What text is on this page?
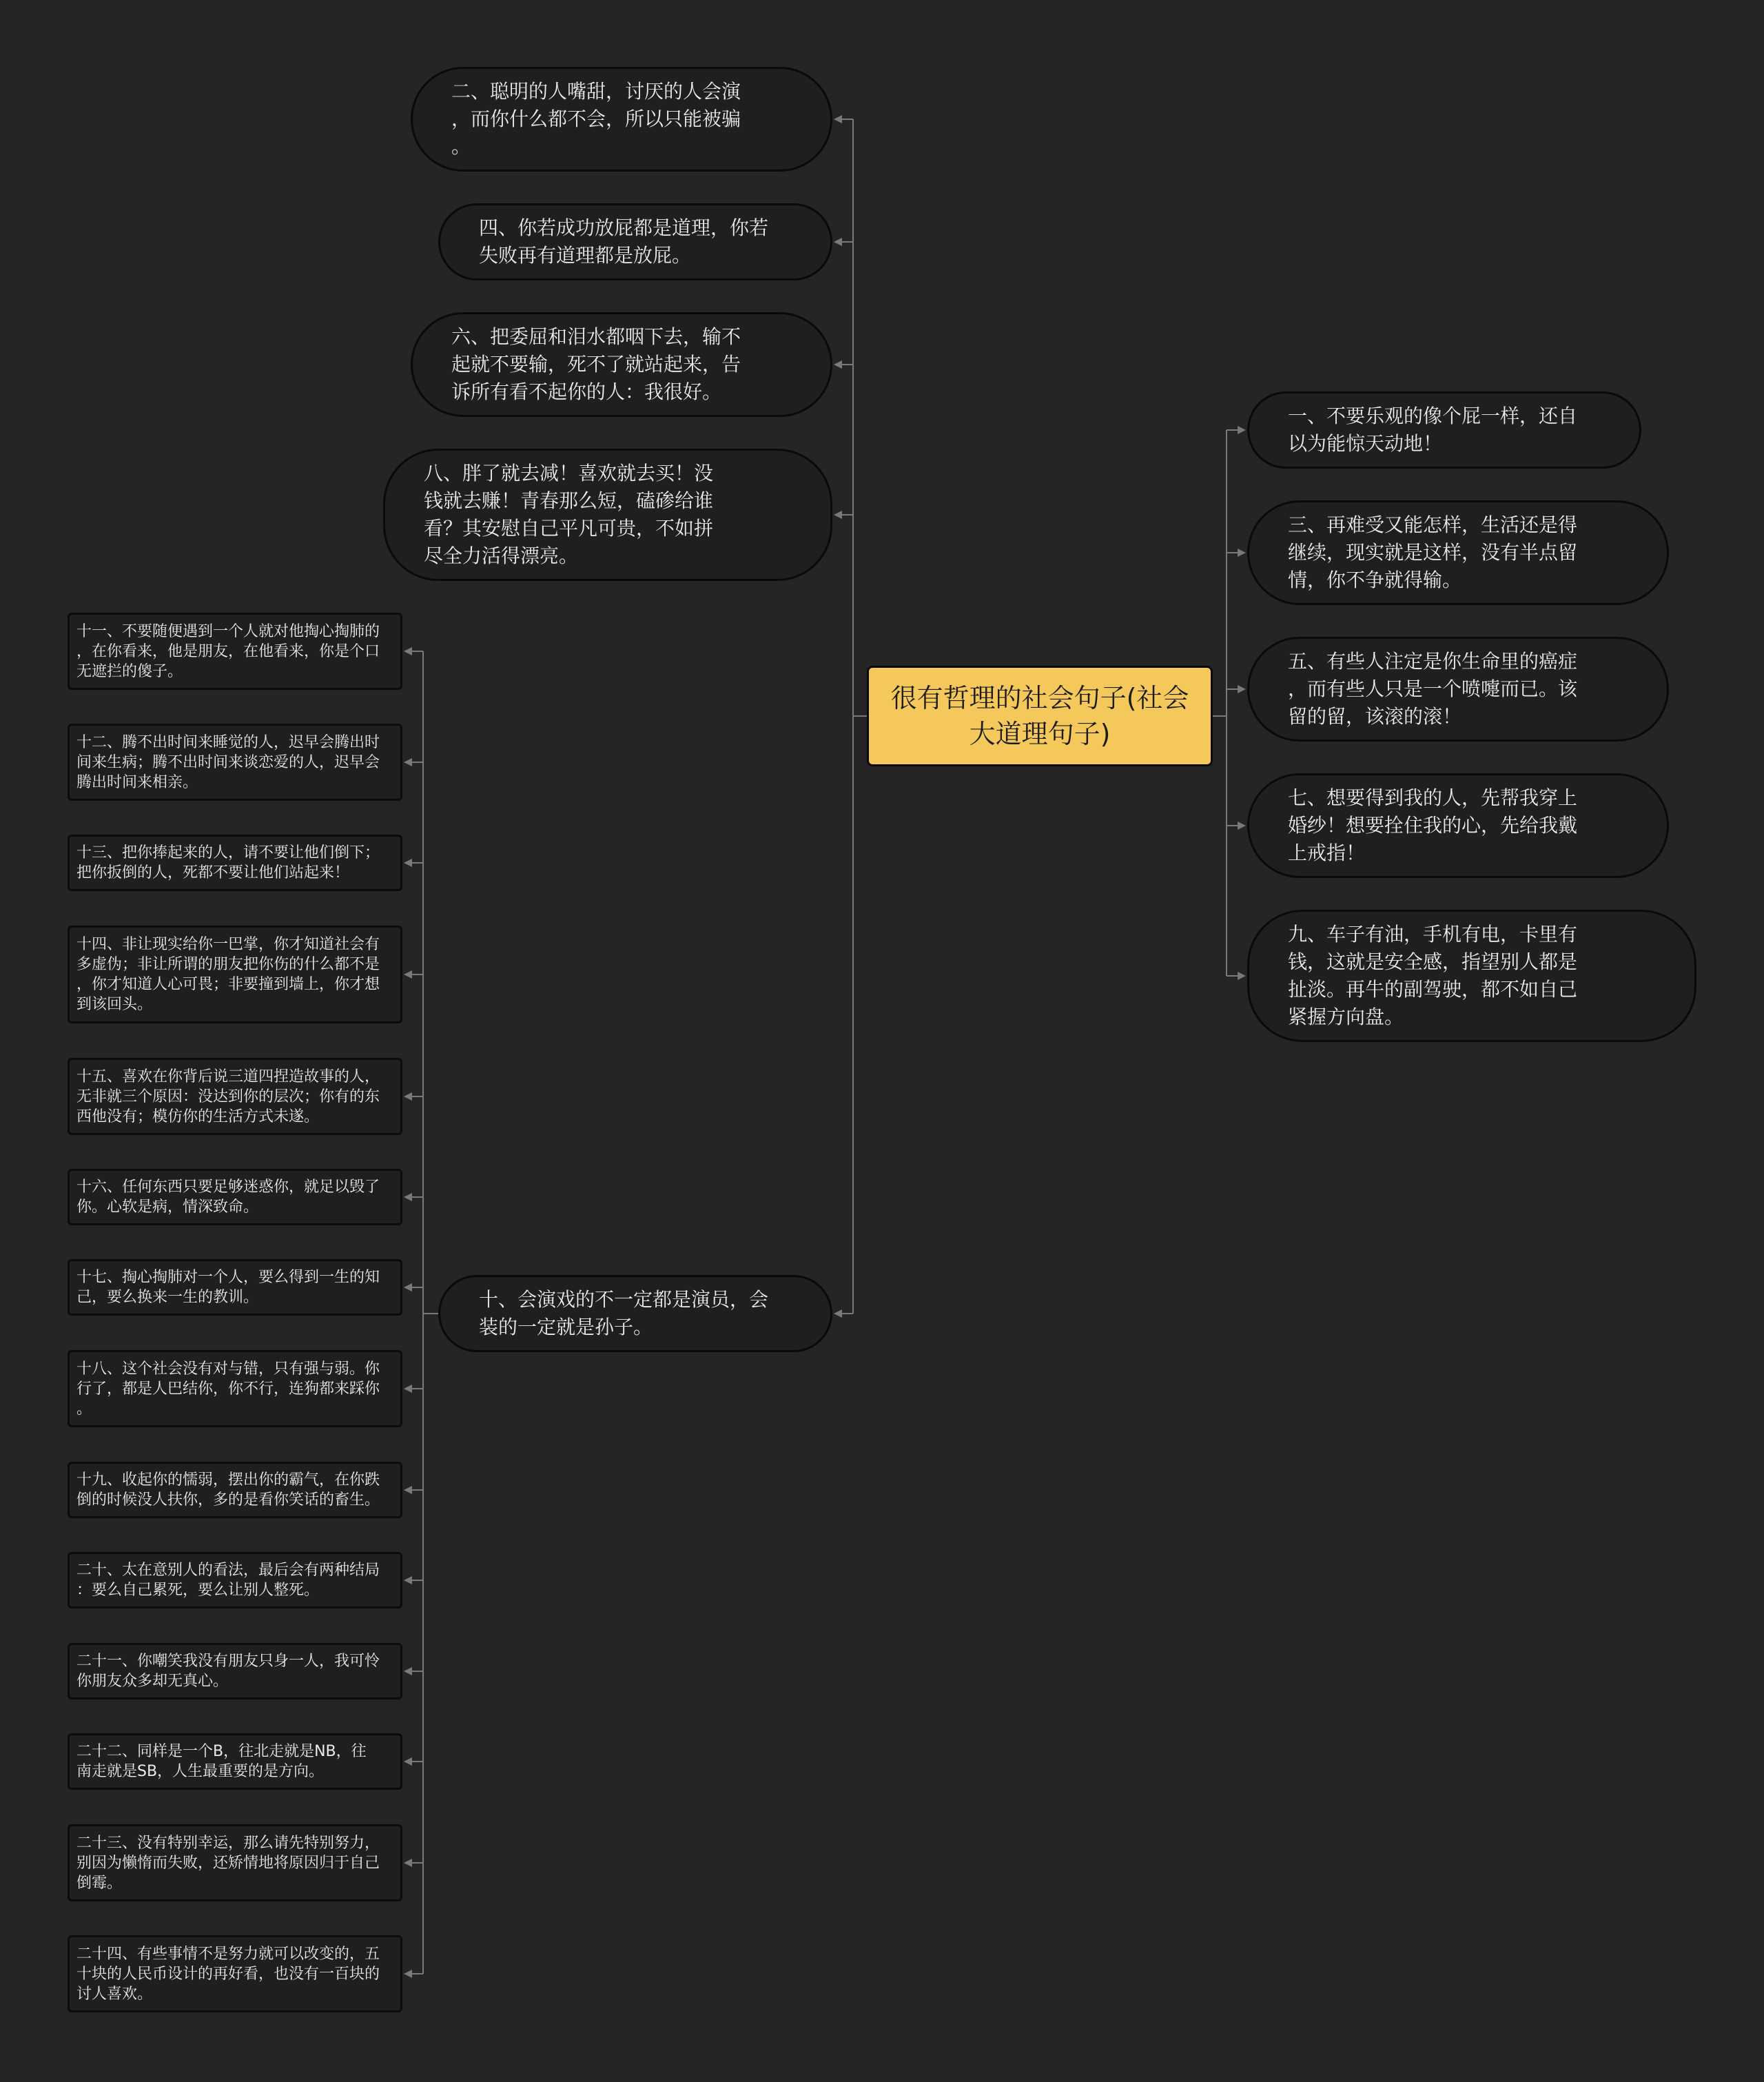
很有哲理的社会句子(社会 大道理句子)
二、聪明的人嘴甜，讨厌的人会演
，而你什么都不会，所以只能被骗
。
四、你若成功放屁都是道理，你若
失败再有道理都是放屁。
六、把委屈和泪水都咽下去，输不
起就不要输，死不了就站起来，告
诉所有看不起你的人：我很好。
八、胖了就去减！喜欢就去买！没
钱就去赚！青春那么短，磕碜给谁
看？其安慰自己平凡可贵，不如拼
尽全力活得漂亮。
十、会演戏的不一定都是演员，会
装的一定就是孙子。
一、不要乐观的像个屁一样，还自
以为能惊天动地！
三、再难受又能怎样，生活还是得
继续，现实就是这样，没有半点留
情，你不争就得输。
五、有些人注定是你生命里的癌症
，而有些人只是一个喷嚏而已。该
留的留，该滚的滚！
七、想要得到我的人，先帮我穿上
婚纱！想要拴住我的心，先给我戴
上戒指！
九、车子有油，手机有电，卡里有
钱，这就是安全感，指望别人都是
扯淡。再牛的副驾驶，都不如自己
紧握方向盘。
十一、不要随便遇到一个人就对他掏心掏肺的
，在你看来，他是朋友，在他看来，你是个口
无遮拦的傻子。
十二、腾不出时间来睡觉的人，迟早会腾出时
间来生病；腾不出时间来谈恋爱的人，迟早会
腾出时间来相亲。
十三、把你捧起来的人，请不要让他们倒下；
把你扳倒的人，死都不要让他们站起来！
十四、非让现实给你一巴掌，你才知道社会有
多虚伪；非让所谓的朋友把你伤的什么都不是
，你才知道人心可畏；非要撞到墙上，你才想
到该回头。
十五、喜欢在你背后说三道四捏造故事的人，
无非就三个原因：没达到你的层次；你有的东
西他没有；模仿你的生活方式未遂。
十六、任何东西只要足够迷惑你，就足以毁了
你。心软是病，情深致命。
十七、掏心掏肺对一个人，要么得到一生的知
己，要么换来一生的教训。
十八、这个社会没有对与错，只有强与弱。你
行了，都是人巴结你，你不行，连狗都来踩你
。
十九、收起你的懦弱，摆出你的霸气，在你跌
倒的时候没人扶你，多的是看你笑话的畜生。
二十、太在意别人的看法，最后会有两种结局
：要么自己累死，要么让别人整死。
二十一、你嘲笑我没有朋友只身一人，我可怜
你朋友众多却无真心。
二十二、同样是一个B，往北走就是NB，往
南走就是SB，人生最重要的是方向。
二十三、没有特别幸运，那么请先特别努力，
别因为懒惰而失败，还矫情地将原因归于自己
倒霉。
二十四、有些事情不是努力就可以改变的，五
十块的人民币设计的再好看，也没有一百块的
讨人喜欢。
